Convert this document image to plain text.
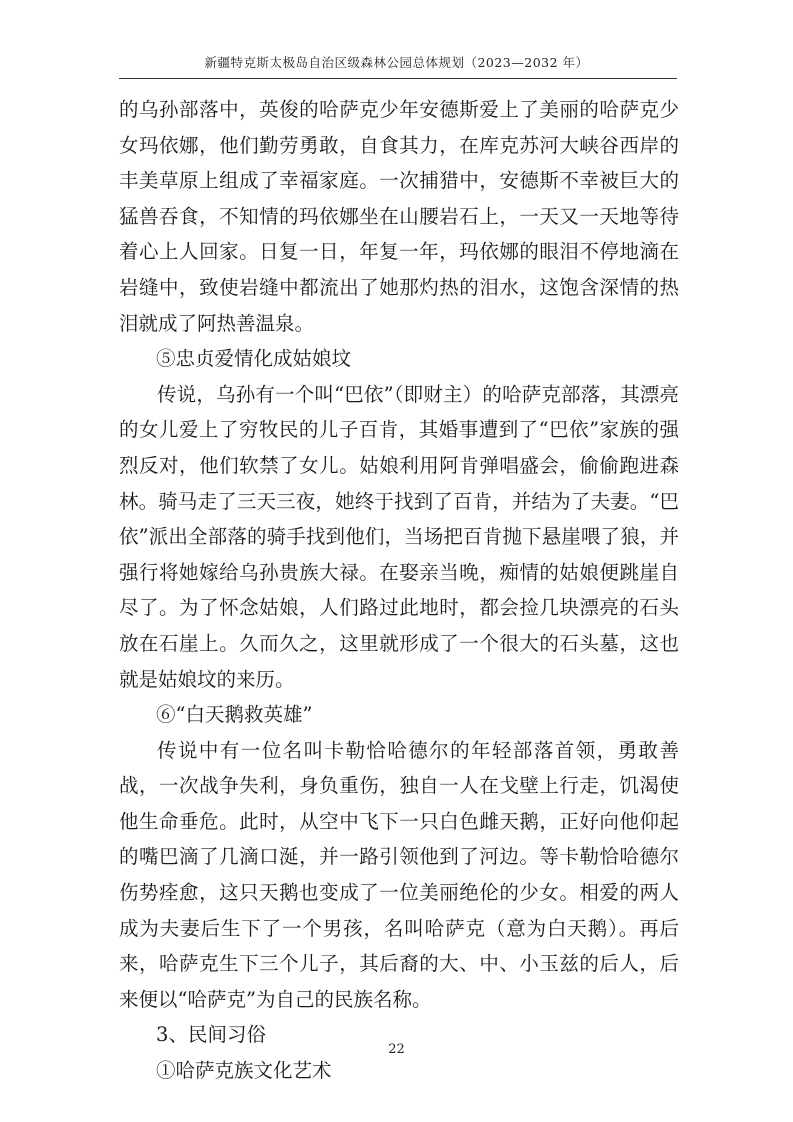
新疆特克斯太极岛自治区级森林公园总体规划（2023—2032 年）

的乌孙部落中，英俊的哈萨克少年安德斯爱上了美丽的哈萨克少女玛依娜，他们勤劳勇敢，自食其力，在库克苏河大峡谷西岸的丰美草原上组成了幸福家庭。一次捕猎中，安德斯不幸被巨大的猛兽吞食，不知情的玛依娜坐在山腰岩石上，一天又一天地等待着心上人回家。日复一日，年复一年，玛依娜的眼泪不停地滴在岩缝中，致使岩缝中都流出了她那灼热的泪水，这饱含深情的热泪就成了阿热善温泉。

⑤忠贞爱情化成姑娘坟

传说，乌孙有一个叫“巴依”（即财主）的哈萨克部落，其漂亮的女儿爱上了穷牧民的儿子百肯，其婚事遭到了“巴依”家族的强烈反对，他们软禁了女儿。姑娘利用阿肯弹唱盛会，偷偷跑进森林。骑马走了三天三夜，她终于找到了百肯，并结为了夫妻。“巴依”派出全部落的骑手找到他们，当场把百肯抛下悬崖喂了狼，并强行将她嫁给乌孙贵族大禄。在娶亲当晚，痴情的姑娘便跳崖自尽了。为了怀念姑娘，人们路过此地时，都会捡几块漂亮的石头放在石崖上。久而久之，这里就形成了一个很大的石头墓，这也就是姑娘坟的来历。

⑥“白天鹅救英雄”

传说中有一位名叫卡勒恰哈德尔的年轻部落首领，勇敢善战，一次战争失利，身负重伤，独自一人在戈壁上行走，饥渴使他生命垂危。此时，从空中飞下一只白色雌天鹅，正好向他仰起的嘴巴滴了几滴口涎，并一路引领他到了河边。等卡勒恰哈德尔伤势痊愈，这只天鹅也变成了一位美丽绝伦的少女。相爱的两人成为夫妻后生下了一个男孩，名叫哈萨克（意为白天鹅）。再后来，哈萨克生下三个儿子，其后裔的大、中、小玉兹的后人，后来便以“哈萨克”为自己的民族名称。

3、民间习俗

①哈萨克族文化艺术

22
